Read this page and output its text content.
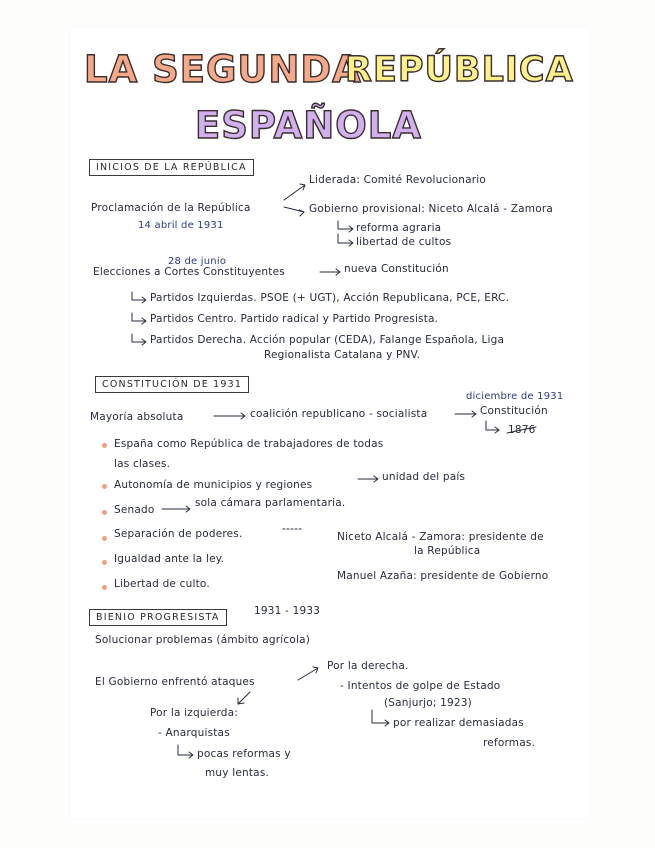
LA SEGUNDA
REPÚBLICA
ESPAÑOLA
INICIOS DE LA REPÚBLICA
Proclamación de la República
14 abril de 1931
Liderada: Comité Revolucionario
Gobierno provisional: Niceto Alcalá - Zamora
reforma agraria
libertad de cultos
28 de junio
Elecciones a Cortes Constituyentes	nueva Constitución
Partidos Izquierdas. PSOE (+ UGT), Acción Republicana, PCE, ERC.
Partidos Centro. Partido radical y Partido Progresista.
Partidos Derecha. Acción popular (CEDA), Falange Española, Liga
Regionalista Catalana y PNV.
CONSTITUCIÓN DE 1931
diciembre de 1931
Mayoría absoluta	coalición republicano - socialista	Constitución
1876
España como República de trabajadores de todas
las clases.
Autonomía de municipios y regiones
unidad del país
Senado
sola cámara parlamentaria.
Separación de poderes.
Igualdad ante la ley.
Libertad de culto.
Niceto Alcalá - Zamora: presidente de
la República
Manuel Azaña: presidente de Gobierno
BIENIO PROGRESISTA
1931 - 1933
Solucionar problemas (ámbito agrícola)
El Gobierno enfrentó ataques
Por la derecha.
- Intentos de golpe de Estado
(Sanjurjo; 1923)
por realizar demasiadas
reformas.
Por la izquierda:
- Anarquistas
pocas reformas y
muy lentas.
